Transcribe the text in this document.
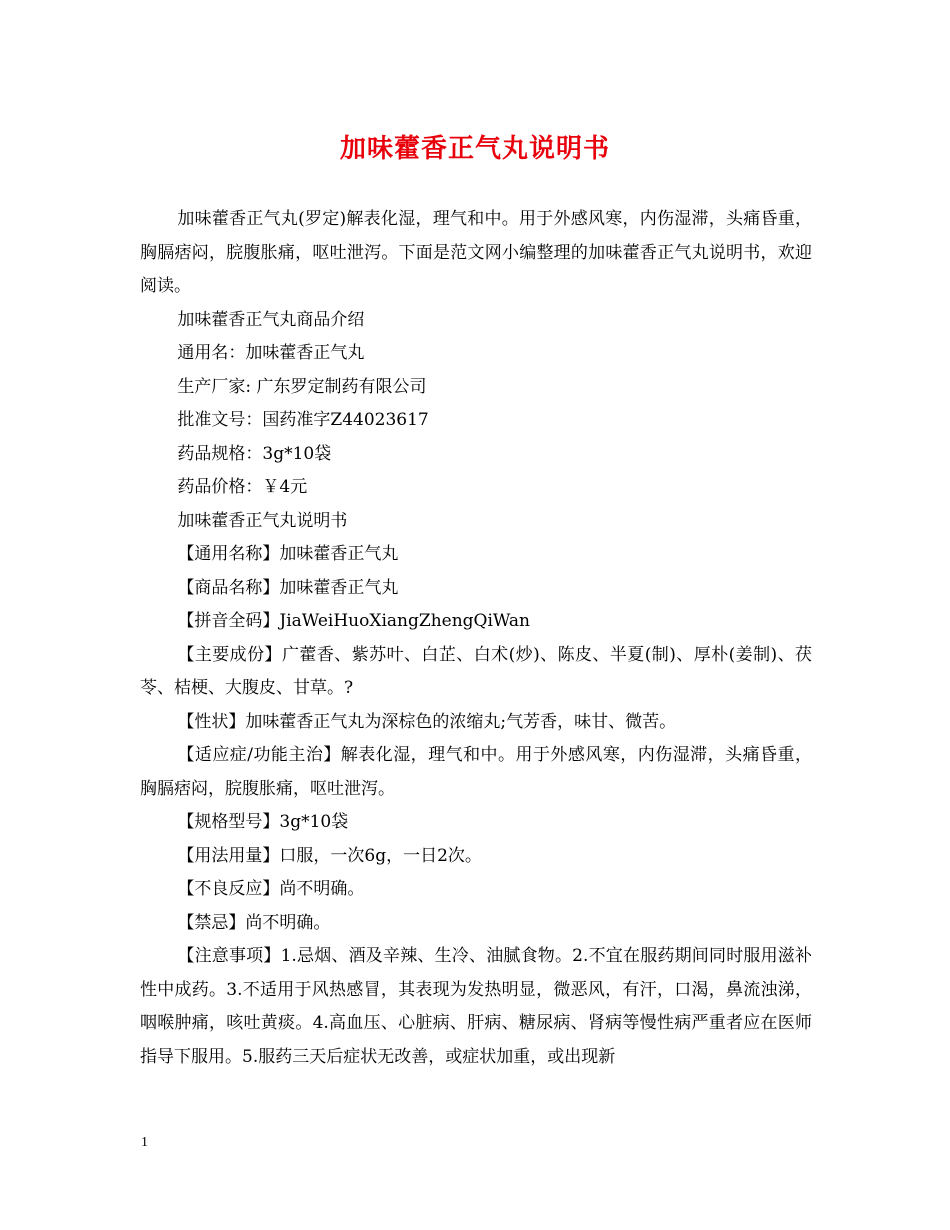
加味藿香正气丸说明书

加味藿香正气丸(罗定)解表化湿，理气和中。用于外感风寒，内伤湿滞，头痛昏重，胸膈痞闷，脘腹胀痛，呕吐泄泻。下面是范文网小编整理的加味藿香正气丸说明书，欢迎阅读。

加味藿香正气丸商品介绍

通用名：加味藿香正气丸

生产厂家: 广东罗定制药有限公司

批准文号：国药准字Z44023617

药品规格：3g*10袋

药品价格：￥4元

加味藿香正气丸说明书

【通用名称】加味藿香正气丸

【商品名称】加味藿香正气丸

【拼音全码】JiaWeiHuoXiangZhengQiWan

【主要成份】广藿香、紫苏叶、白芷、白术(炒)、陈皮、半夏(制)、厚朴(姜制)、茯苓、桔梗、大腹皮、甘草。?

【性状】加味藿香正气丸为深棕色的浓缩丸;气芳香，味甘、微苦。

【适应症/功能主治】解表化湿，理气和中。用于外感风寒，内伤湿滞，头痛昏重，胸膈痞闷，脘腹胀痛，呕吐泄泻。

【规格型号】3g*10袋

【用法用量】口服，一次6g，一日2次。

【不良反应】尚不明确。

【禁忌】尚不明确。

【注意事项】1.忌烟、酒及辛辣、生冷、油腻食物。2.不宜在服药期间同时服用滋补性中成药。3.不适用于风热感冒，其表现为发热明显，微恶风，有汗，口渴，鼻流浊涕，咽喉肿痛，咳吐黄痰。4.高血压、心脏病、肝病、糖尿病、肾病等慢性病严重者应在医师指导下服用。5.服药三天后症状无改善，或症状加重，或出现新

1
